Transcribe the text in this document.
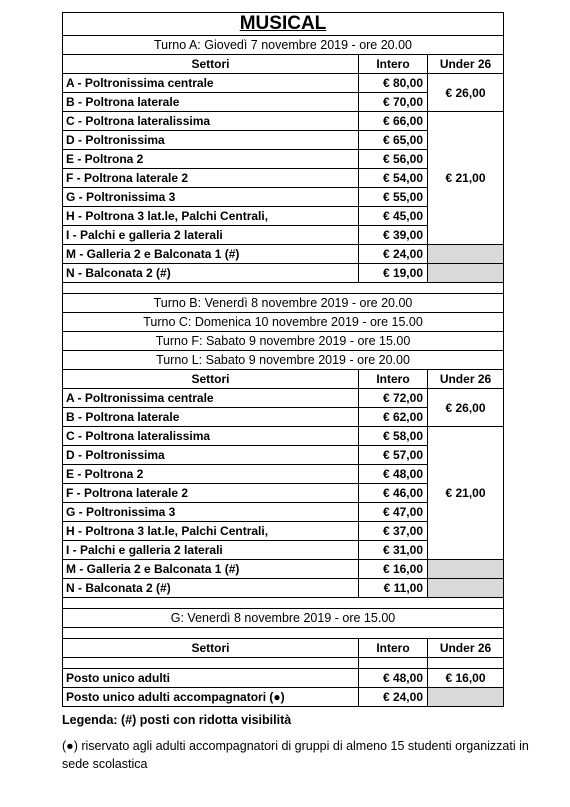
MUSICAL		
Turno A: Giovedì 7 novembre 2019 - ore 20.00		
Settori	Intero	Under 26
A - Poltronissima centrale	€ 80,00	€ 26,00
B - Poltrona laterale	€ 70,00	
C - Poltrona lateralissima	€ 66,00	€ 21,00
D - Poltronissima	€ 65,00	
E - Poltrona 2	€ 56,00	
F - Poltrona laterale 2	€ 54,00	
G - Poltronissima 3	€ 55,00	
H - Poltrona 3 lat.le, Palchi Centrali,	€ 45,00	
I - Palchi e galleria 2 laterali	€ 39,00	
M - Galleria 2 e Balconata 1 (#)	€ 24,00	
N - Balconata 2 (#)	€ 19,00	

Turno B: Venerdì 8 novembre 2019 - ore 20.00		
Turno C: Domenica 10 novembre 2019 - ore 15.00		
Turno F: Sabato 9 novembre 2019 - ore 15.00		
Turno L: Sabato 9 novembre 2019 - ore 20.00		
Settori	Intero	Under 26
A - Poltronissima centrale	€ 72,00	€ 26,00
B - Poltrona laterale	€ 62,00	
C - Poltrona lateralissima	€ 58,00	€ 21,00
D - Poltronissima	€ 57,00	
E - Poltrona 2	€ 48,00	
F - Poltrona laterale 2	€ 46,00	
G - Poltronissima 3	€ 47,00	
H - Poltrona 3 lat.le, Palchi Centrali,	€ 37,00	
I - Palchi e galleria 2 laterali	€ 31,00	
M - Galleria 2 e Balconata 1 (#)	€ 16,00	
N - Balconata 2 (#)	€ 11,00	

G: Venerdì 8 novembre 2019 - ore 15.00		

Settori	Intero	Under 26

Posto unico adulti	€ 48,00	€ 16,00
Posto unico adulti accompagnatori (●)	€ 24,00	
Legenda: (#) posti con ridotta visibilità
(●) riservato agli adulti accompagnatori di gruppi di almeno 15 studenti organizzati in sede scolastica
